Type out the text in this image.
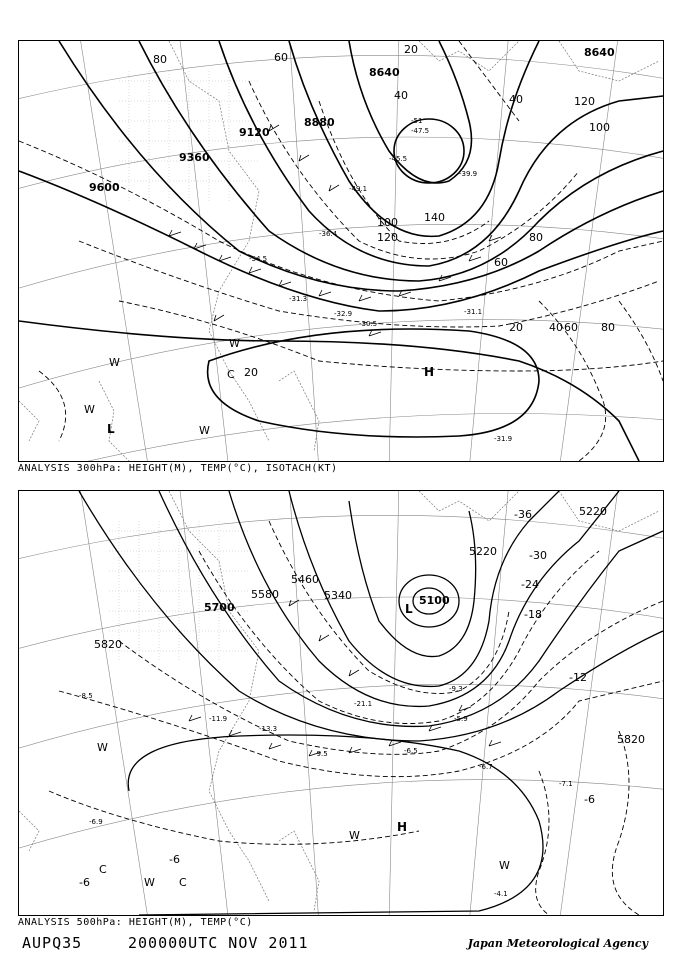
9600
9360
9120
8880
8640
8640
20
40
60
80
100
120
140
20
40
60
80
100
120
20
40 60 80
-51
-47.5
-49.1
-45.5
-39.9
-36.4
-31.3
-30.5
-31.1
-32.9
-34.5
-31.9
H
L
C
W
W
W
W
ANALYSIS 300hPa: HEIGHT(M), TEMP(°C), ISOTACH(KT)
5820
5700
5580
5460
5340
5220
5220
5100
5820
-36
-30
-24
-18
-12
-6
-6
-6
-21.1
-9.5
-5.9
-6.5
-7.1
-6.7
-4.1
-6.9
-9.3
-8.5
-11.9
-13.3
H
L
C
C
W
W
W
W
ANALYSIS 500hPa: HEIGHT(M), TEMP(°C)
AUPQ35	200000UTC NOV 2011	Japan Meteorological Agency
